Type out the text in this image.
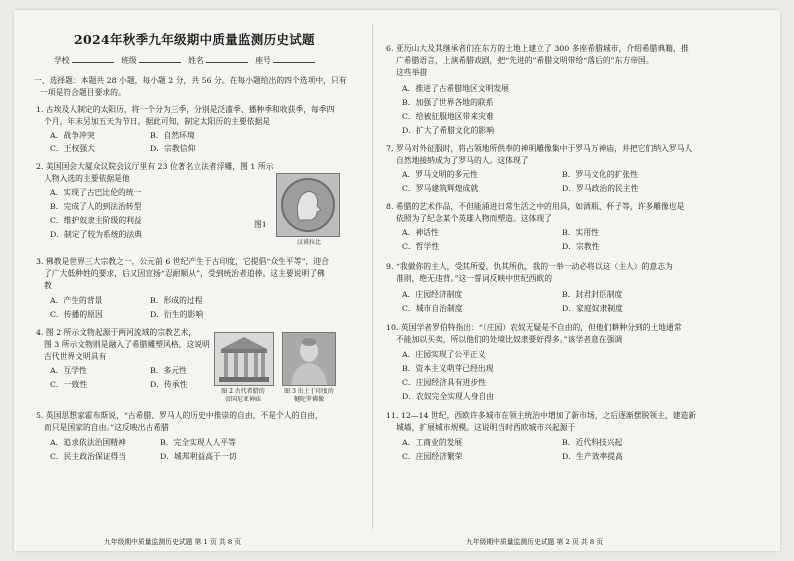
2024年秋季九年级期中质量监测历史试题
学校	班级	姓名	座号
一、选择题：本题共 28 小题，每小题 2 分，共 56 分。在每小题给出的四个选项中，只有
一项是符合题目要求的。
1. 古埃及人制定的太阳历，将一个分为三季，分别是泛滥季、播种季和收获季，每季四
个月，年末另加五天为节日。据此可知，制定太阳历的主要依据是
A．战争冲突	B．自然环境
C．王权强大	D．宗教信仰
2. 美国国会大厦众议院会议厅里有 23 位著名立法者浮雕，图 1 所示
人物入选的主要依据是他
A．实现了古巴比伦的统一
B．完成了人的到法治转型
C．维护奴隶主阶级的利益
D．制定了较为系统的法典
图1
汉谟拉比
3. 佛教是世界三大宗教之一，公元前 6 世纪产生于古印度，它提倡“众生平等”，迎合
了广大低种姓的要求，后又因宣扬“忍耐顺从”，受到统治者追捧。这主要说明了佛
教
A．产生的背景	B．形成的过程
C．传播的原因	D．衍生的影响
4. 图 2 所示文物起源于两河流域的宗教艺术，
图 3 所示文物则是融入了希腊雕塑风格，这说明
古代世界文明具有
A．互学性	B．多元性
C．一致性	D．传承性
图 2 古代希腊的
帝国尼亚神庙
图 3 出土于印度的
犍陀罗佛像
5. 英国思想家霍布斯说，“古希腊、罗马人的历史中推崇的自由，不是个人的自由，
而只是国家的自由。”这反映出古希腊
A．追求依法治国精神	B．完全实现人人平等
C．民主政治保证得当	D．城邦利益高于一切
九年级期中质量监测历史试题 第 1 页 共 8 页
6. 亚历山大及其继承者们在东方的土地上建立了 300 多座希腊城市，介绍希腊典籍，推
广希腊语言，上演希腊戏剧，把“先进的”希腊文明带给“落后的”东方帝国。
这些举措
A．推进了古希腊地区文明发展
B．加强了世界各地的联系
C．给被征服地区带来灾难
D．扩大了希腊文化的影响
7. 罗马对外征服时，将占领地所供奉的神明雕像集中于罗马万神庙，并把它们纳入罗马人
自然地接纳成为了罗马的人。这体现了
A．罗马文明的多元性	B．罗马文化的扩张性
C．罗马建筑辉煌成就	D．罗马政治的民主性
8. 希腊的艺术作品，不但能涌进日常生活之中的用具，如酒瓶、杯子等，许多雕像也是
依照为了纪念某个英雄人物而塑造。这体现了
A．神话性	B．实用性
C．哲学性	D．宗教性
9. “我做你的主人，受其所爱，仇其所仇，我的一举一动必将以这（主人）的意志为
准则，绝无违背。”这一誓词反映中世纪西欧的
A．庄园经济制度	B．封君封臣制度
C．城市自治制度	D．家庭奴隶制度
10. 英国学者罗伯特指出：“（庄园）农奴无疑是不自由的，但他们耕种分到的土地通常
不能加以买卖，所以他们的处境比奴隶要好得多。”该学者意在强调
A．庄园实现了公平正义
B．资本主义萌芽已经出现
C．庄园经济具有进步性
D．农奴完全实现人身自由
11. 12—14 世纪，西欧许多城市在领主统治中增加了新市场，之后逐渐摆脱领主，建造新
城墙，扩展城市规模。这说明当时西欧城市兴起源于
A．工商业的发展	B．近代科技兴起
C．庄园经济繁荣	D．生产效率提高
九年级期中质量监测历史试题 第 2 页 共 8 页
